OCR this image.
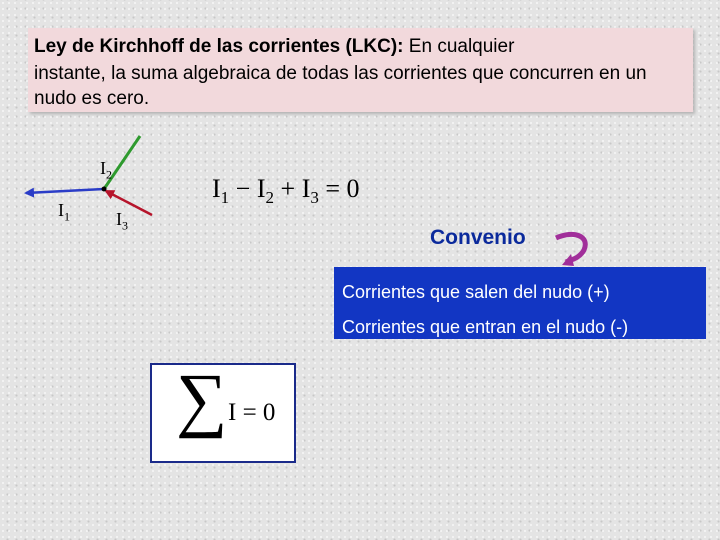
Ley de Kirchhoff de las corrientes (LKC): En cualquier
instante, la suma algebraica de todas las corrientes que concurren en un nudo es cero.
$I_2$
$I_1$	$I_3$
$I_1 - I_2 + I_3 = 0$
Convenio
Corrientes que salen del nudo (+)
Corrientes que entran en el nudo (-)
∑ I = 0
